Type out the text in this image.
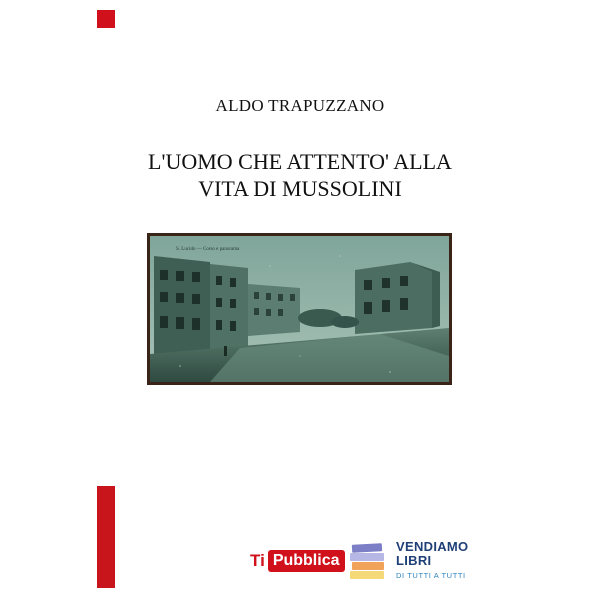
ALDO TRAPUZZANO
L'UOMO CHE ATTENTO' ALLA
VITA DI MUSSOLINI
S. Lucido — Corso e panorama
Ti Pubblica
VENDIAMO
LIBRI
DI TUTTI A TUTTI
